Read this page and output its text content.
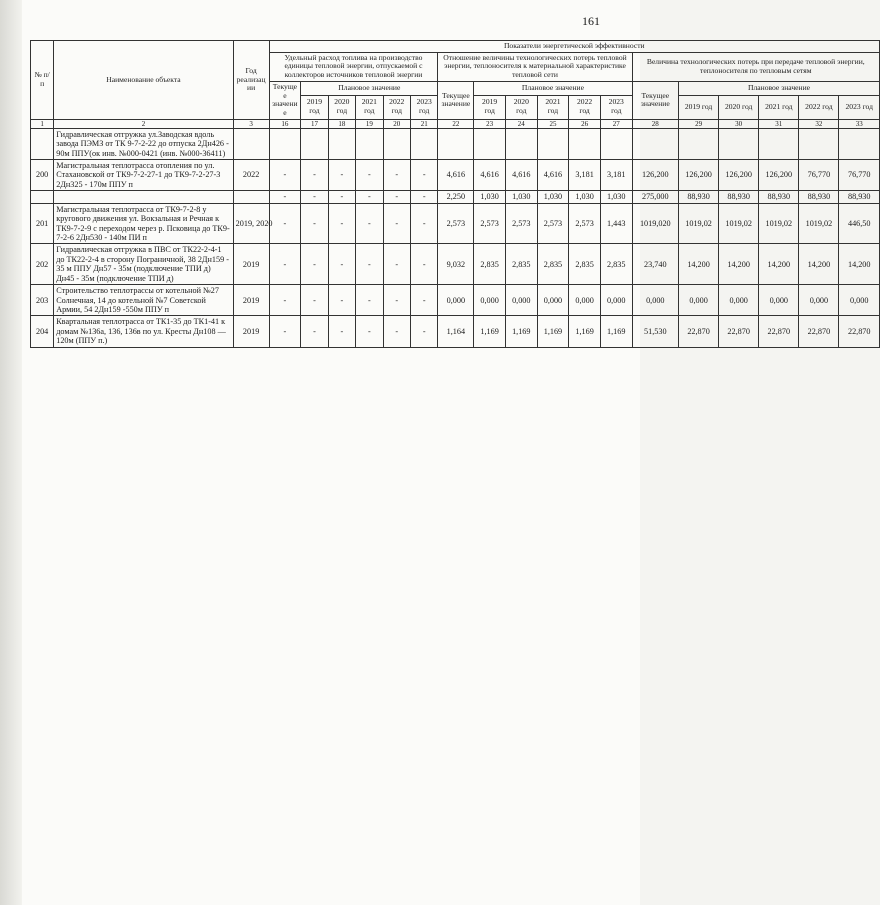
161
№ п/п	Наименование объекта	Год реализации	Показатели энергетической эффективности																	
			Удельный расход топлива на производство единицы тепловой энергии, отпускаемой с коллекторов источников тепловой энергии						Отношение величины технологических потерь тепловой энергии, теплоносителя к материальной характеристике тепловой сети						Величина технологических потерь при передаче тепловой энергии, теплоносителя по тепловым сетям					
			Текущее значение	Плановое значение					Текущее значение	Плановое значение					Текущее значение	Плановое значение				
				2019 год	2020 год	2021 год	2022 год	2023 год		2019 год	2020 год	2021 год	2022 год	2023 год		2019 год	2020 год	2021 год	2022 год	2023 год
1	2	3	16	17	18	19	20	21	22	23	24	25	26	27	28	29	30	31	32	33
	Гидравлическая отгружка ул.Заводская вдоль завода ПЭМЗ от ТК 9-7-2-22 до отпуска 2Дн426 - 90м ППУ(ок инв. №000-0421 (инв. №000-36411)																			
200	Магистральная теплотрасса отопления по ул. Стахановской от ТК9-7-2-27-1 до ТК9-7-2-27-3 2Дн325 - 170м ППУ п	2022	-	-	-	-	-	-	4,616	4,616	4,616	4,616	3,181	3,181	126,200	126,200	126,200	126,200	76,770	76,770
			-	-	-	-	-	-	2,250	1,030	1,030	1,030	1,030	1,030	275,000	88,930	88,930	88,930	88,930	88,930
201	Магистральная теплотрасса от ТК9-7-2-8 у кругового движения ул. Вокзальная и Речная к ТК9-7-2-9 с переходом через р. Псковица до ТК9-7-2-6 2Дн530 - 140м ПИ п	2019, 2020	-	-	-	-	-	-	2,573	2,573	2,573	2,573	2,573	1,443	1019,020	1019,02	1019,02	1019,02	1019,02	446,50
202	Гидравлическая отгружка в ПВС от ТК22-2-4-1 до ТК22-2-4 в сторону Пограничной, 38 2Дн159 - 35 м ППУ Дн57 - 35м (подключение ТПИ д) Дн45 - 35м (подключение ТПИ д)	2019	-	-	-	-	-	-	9,032	2,835	2,835	2,835	2,835	2,835	23,740	14,200	14,200	14,200	14,200	14,200
203	Строительство теплотрассы от котельной №27 Солнечная, 14 до котельной №7 Советской Армии, 54 2Дн159 -550м ППУ п	2019	-	-	-	-	-	-	0,000	0,000	0,000	0,000	0,000	0,000	0,000	0,000	0,000	0,000	0,000	0,000
204	Квартальная теплотрасса от ТК1-35 до ТК1-41 к домам №136а, 136, 136в по ул. Кресты Дн108 — 120м (ППУ п.)	2019	-	-	-	-	-	-	1,164	1,169	1,169	1,169	1,169	1,169	51,530	22,870	22,870	22,870	22,870	22,870
